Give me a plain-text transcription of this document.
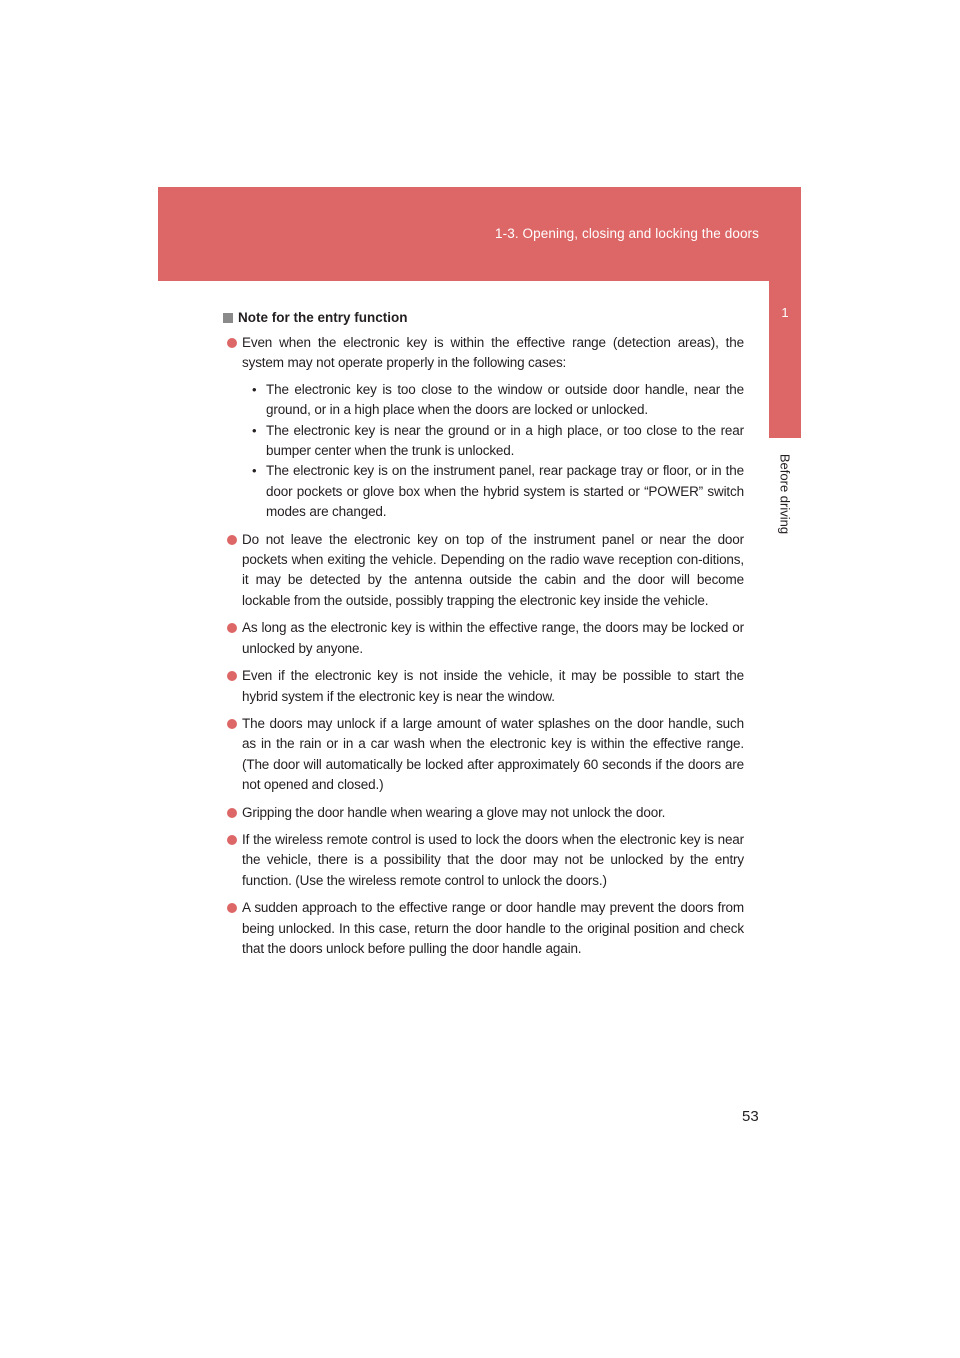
1-3. Opening, closing and locking the doors
1
Before driving
Note for the entry function
Even when the electronic key is within the effective range (detection areas), the system may not operate properly in the following cases:
• The electronic key is too close to the window or outside door handle, near the ground, or in a high place when the doors are locked or unlocked.
• The electronic key is near the ground or in a high place, or too close to the rear bumper center when the trunk is unlocked.
• The electronic key is on the instrument panel, rear package tray or floor, or in the door pockets or glove box when the hybrid system is started or “POWER” switch modes are changed.
Do not leave the electronic key on top of the instrument panel or near the door pockets when exiting the vehicle. Depending on the radio wave reception con-ditions, it may be detected by the antenna outside the cabin and the door will become lockable from the outside, possibly trapping the electronic key inside the vehicle.
As long as the electronic key is within the effective range, the doors may be locked or unlocked by anyone.
Even if the electronic key is not inside the vehicle, it may be possible to start the hybrid system if the electronic key is near the window.
The doors may unlock if a large amount of water splashes on the door handle, such as in the rain or in a car wash when the electronic key is within the effective range. (The door will automatically be locked after approximately 60 seconds if the doors are not opened and closed.)
Gripping the door handle when wearing a glove may not unlock the door.
If the wireless remote control is used to lock the doors when the electronic key is near the vehicle, there is a possibility that the door may not be unlocked by the entry function. (Use the wireless remote control to unlock the doors.)
A sudden approach to the effective range or door handle may prevent the doors from being unlocked. In this case, return the door handle to the original position and check that the doors unlock before pulling the door handle again.
53
